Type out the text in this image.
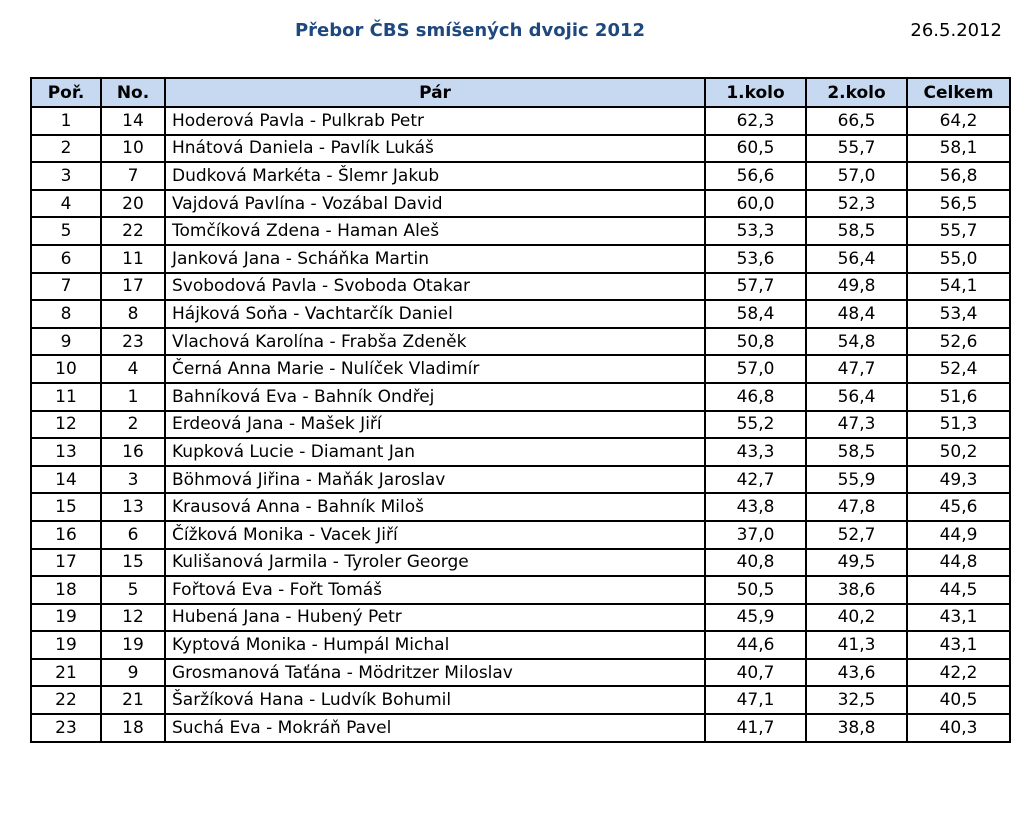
Přebor ČBS smíšených dvojic 2012	26.5.2012
Poř.	No.	Pár	1.kolo	2.kolo	Celkem
1	14	Hoderová Pavla - Pulkrab Petr	62,3	66,5	64,2
2	10	Hnátová Daniela - Pavlík Lukáš	60,5	55,7	58,1
3	7	Dudková Markéta - Šlemr Jakub	56,6	57,0	56,8
4	20	Vajdová Pavlína - Vozábal David	60,0	52,3	56,5
5	22	Tomčíková Zdena - Haman Aleš	53,3	58,5	55,7
6	11	Janková Jana - Scháňka Martin	53,6	56,4	55,0
7	17	Svobodová Pavla - Svoboda Otakar	57,7	49,8	54,1
8	8	Hájková Soňa - Vachtarčík Daniel	58,4	48,4	53,4
9	23	Vlachová Karolína - Frabša Zdeněk	50,8	54,8	52,6
10	4	Černá Anna Marie - Nulíček Vladimír	57,0	47,7	52,4
11	1	Bahníková Eva - Bahník Ondřej	46,8	56,4	51,6
12	2	Erdeová Jana - Mašek Jiří	55,2	47,3	51,3
13	16	Kupková Lucie - Diamant Jan	43,3	58,5	50,2
14	3	Böhmová Jiřina - Maňák Jaroslav	42,7	55,9	49,3
15	13	Krausová Anna - Bahník Miloš	43,8	47,8	45,6
16	6	Čížková Monika - Vacek Jiří	37,0	52,7	44,9
17	15	Kulišanová Jarmila - Tyroler George	40,8	49,5	44,8
18	5	Fořtová Eva - Fořt Tomáš	50,5	38,6	44,5
19	12	Hubená Jana - Hubený Petr	45,9	40,2	43,1
19	19	Kyptová Monika - Humpál Michal	44,6	41,3	43,1
21	9	Grosmanová Taťána - Mödritzer Miloslav	40,7	43,6	42,2
22	21	Šaržíková Hana - Ludvík Bohumil	47,1	32,5	40,5
23	18	Suchá Eva - Mokráň Pavel	41,7	38,8	40,3
